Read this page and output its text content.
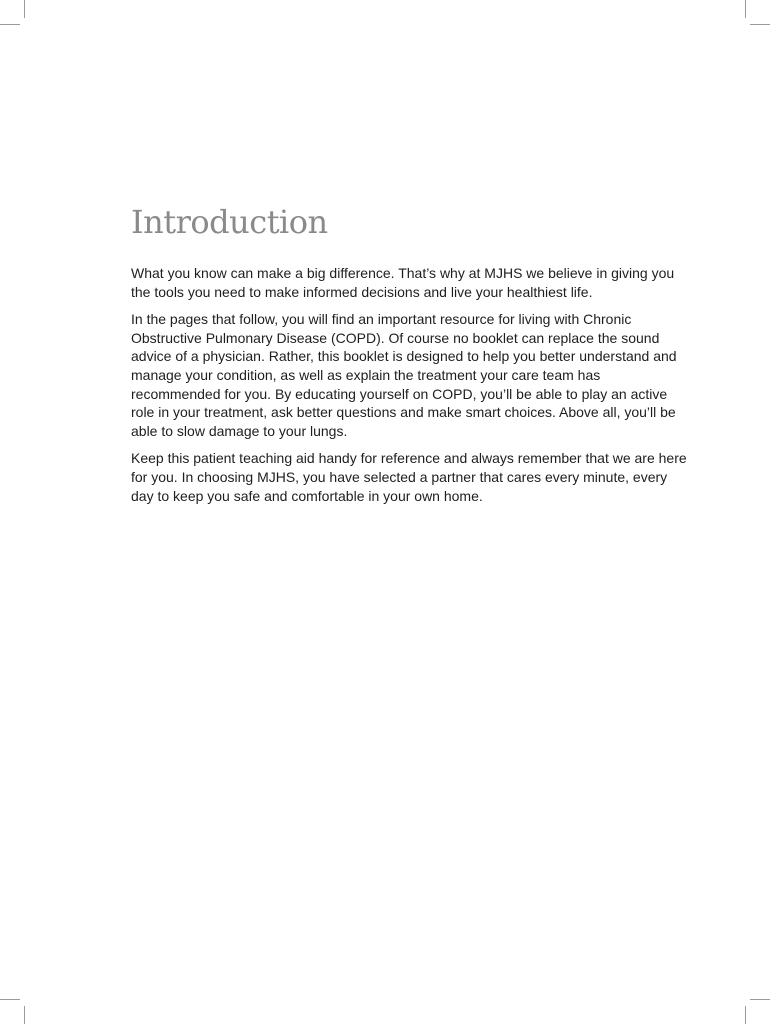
Introduction

What you know can make a big difference. That’s why at MJHS we believe in giving you the tools you need to make informed decisions and live your healthiest life.

In the pages that follow, you will find an important resource for living with Chronic Obstructive Pulmonary Disease (COPD). Of course no booklet can replace the sound advice of a physician. Rather, this booklet is designed to help you better understand and manage your condition, as well as explain the treatment your care team has recommended for you. By educating yourself on COPD, you’ll be able to play an active role in your treatment, ask better questions and make smart choices. Above all, you’ll be able to slow damage to your lungs.

Keep this patient teaching aid handy for reference and always remember that we are here for you. In choosing MJHS, you have selected a partner that cares every minute, every day to keep you safe and comfortable in your own home.
